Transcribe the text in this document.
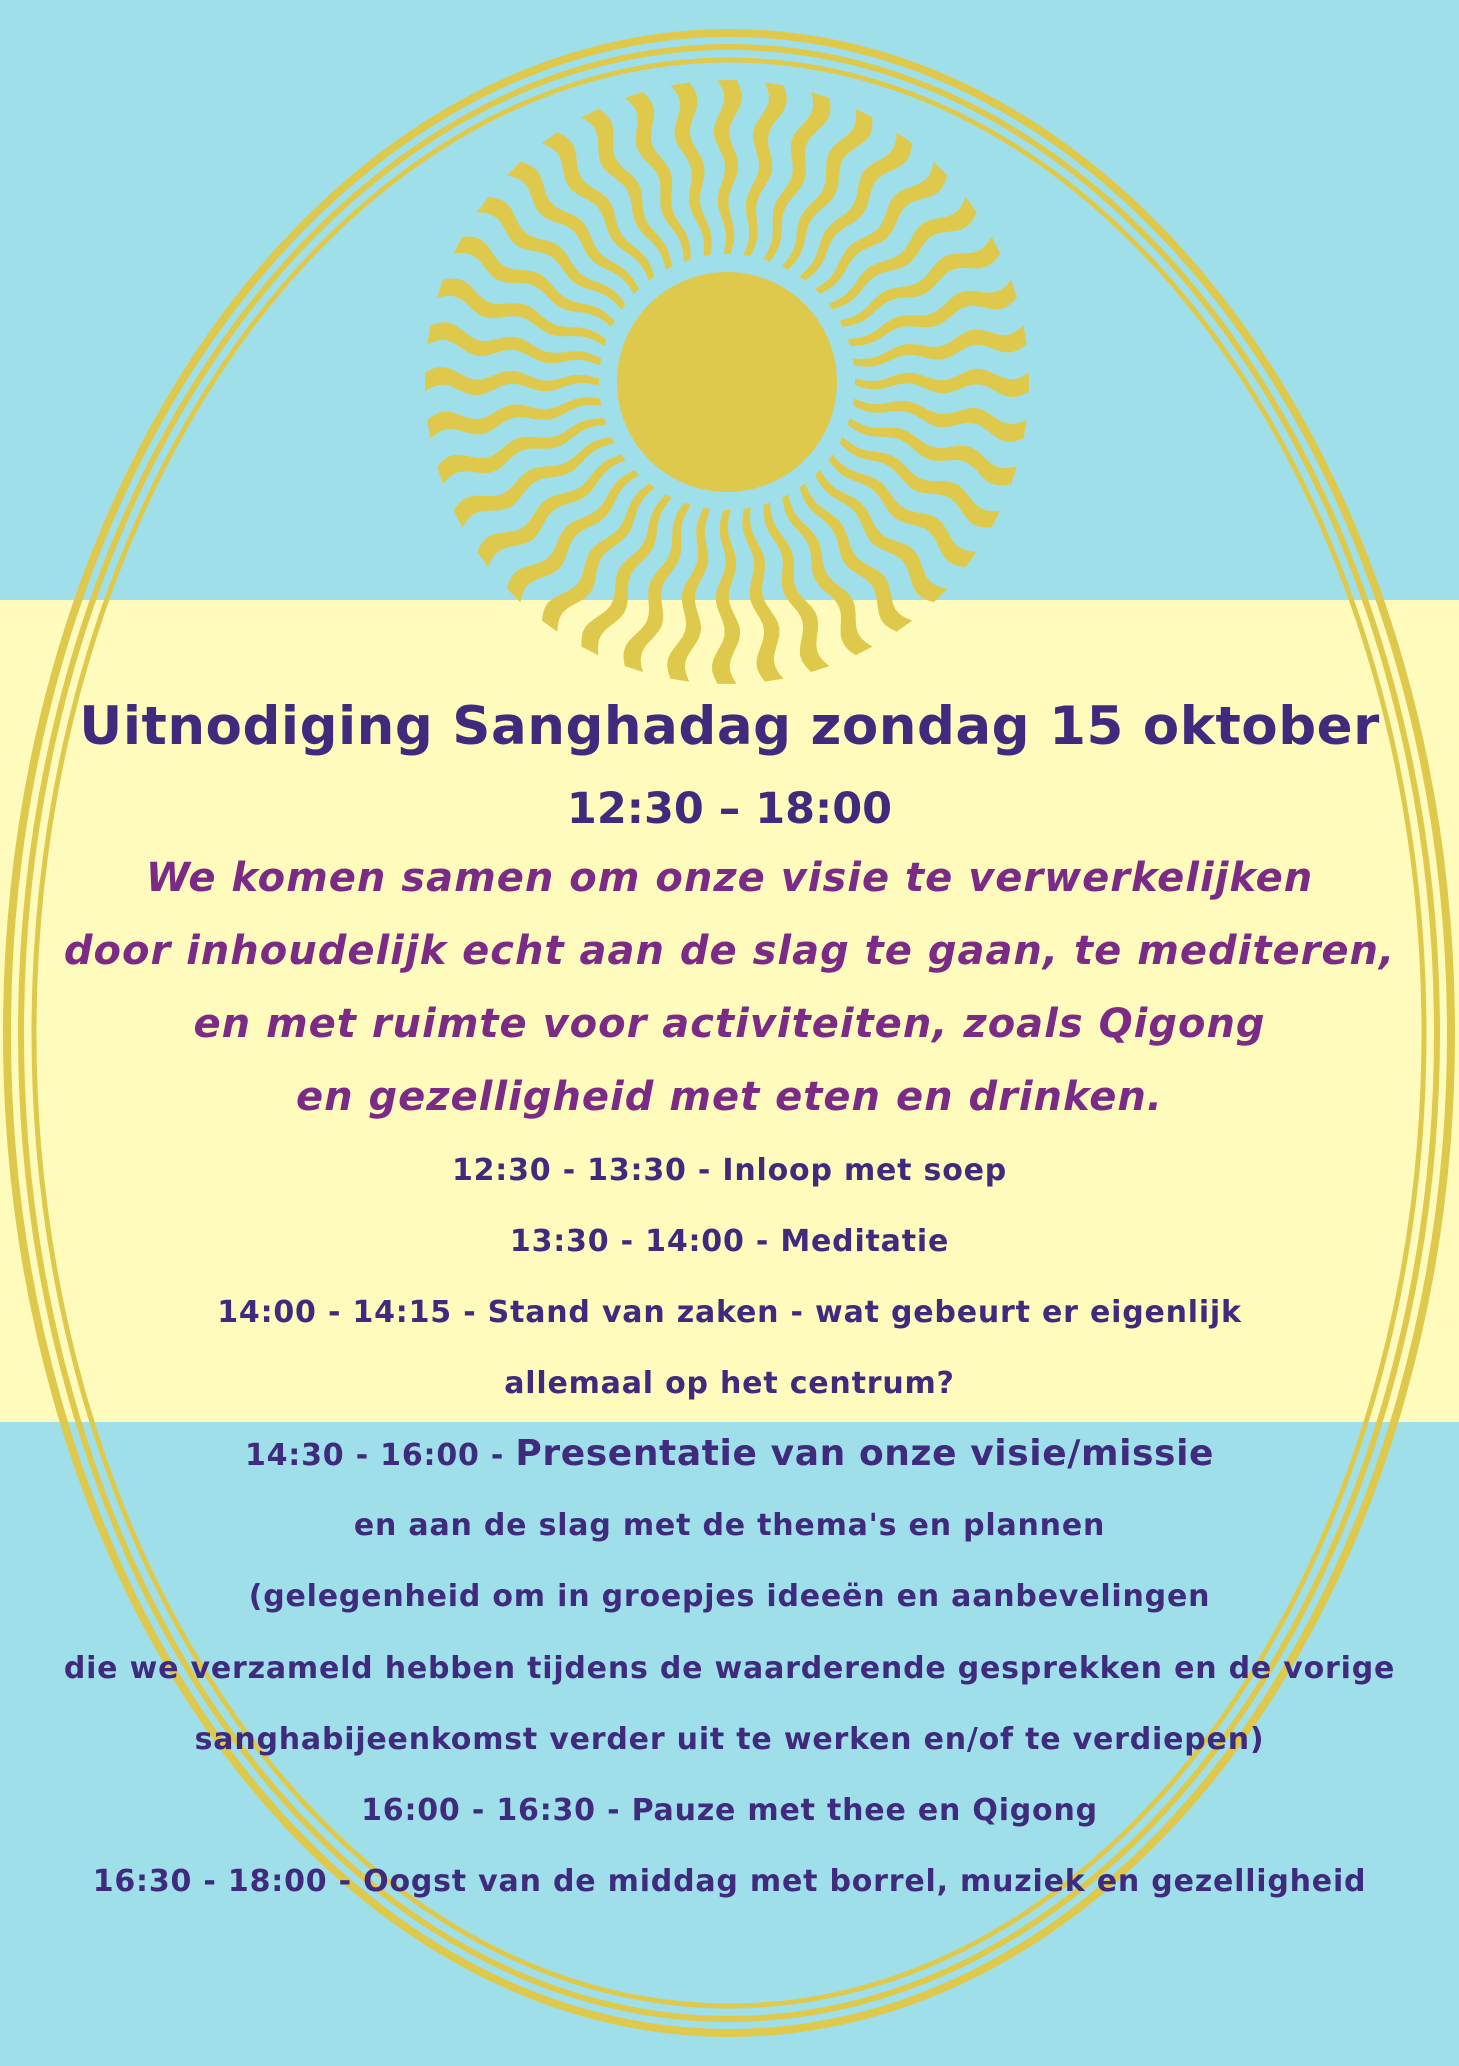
Uitnodiging Sanghadag zondag 15 oktober
12:30 – 18:00
We komen samen om onze visie te verwerkelijken
door inhoudelijk echt aan de slag te gaan, te mediteren,
en met ruimte voor activiteiten, zoals Qigong
en gezelligheid met eten en drinken.
12:30 - 13:30 - Inloop met soep
13:30 - 14:00 - Meditatie
14:00 - 14:15 - Stand van zaken - wat gebeurt er eigenlijk
allemaal op het centrum?
14:30 - 16:00 - Presentatie van onze visie/missie
en aan de slag met de thema's en plannen
(gelegenheid om in groepjes ideeën en aanbevelingen
die we verzameld hebben tijdens de waarderende gesprekken en de vorige
sanghabijeenkomst verder uit te werken en/of te verdiepen)
16:00 - 16:30 - Pauze met thee en Qigong
16:30 - 18:00 - Oogst van de middag met borrel, muziek en gezelligheid
